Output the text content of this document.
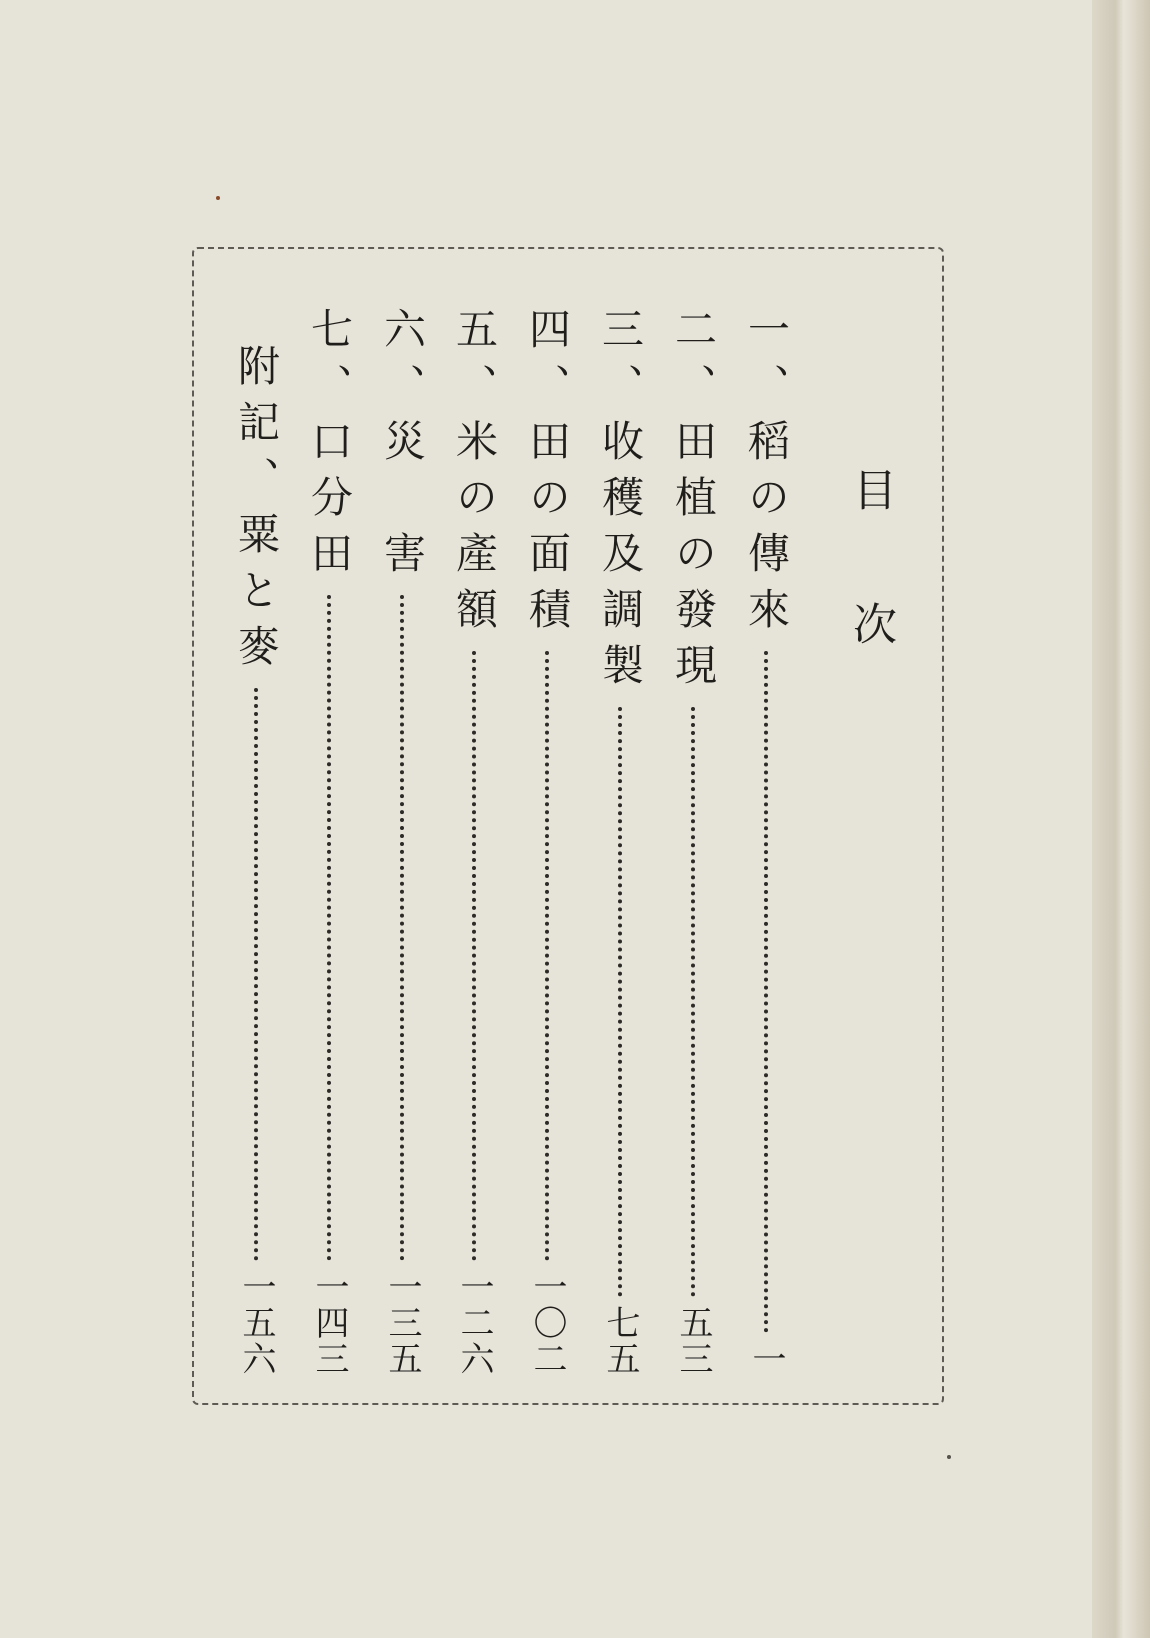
目
次
一、稻の傳來
一
二、田植の發現
五三
三、收穫及調製
七五
四、田の面積
一〇二
五、米の產額
一二六
六、災　害
一三五
七、口分田
一四三
附記、粟と麥
一五六
